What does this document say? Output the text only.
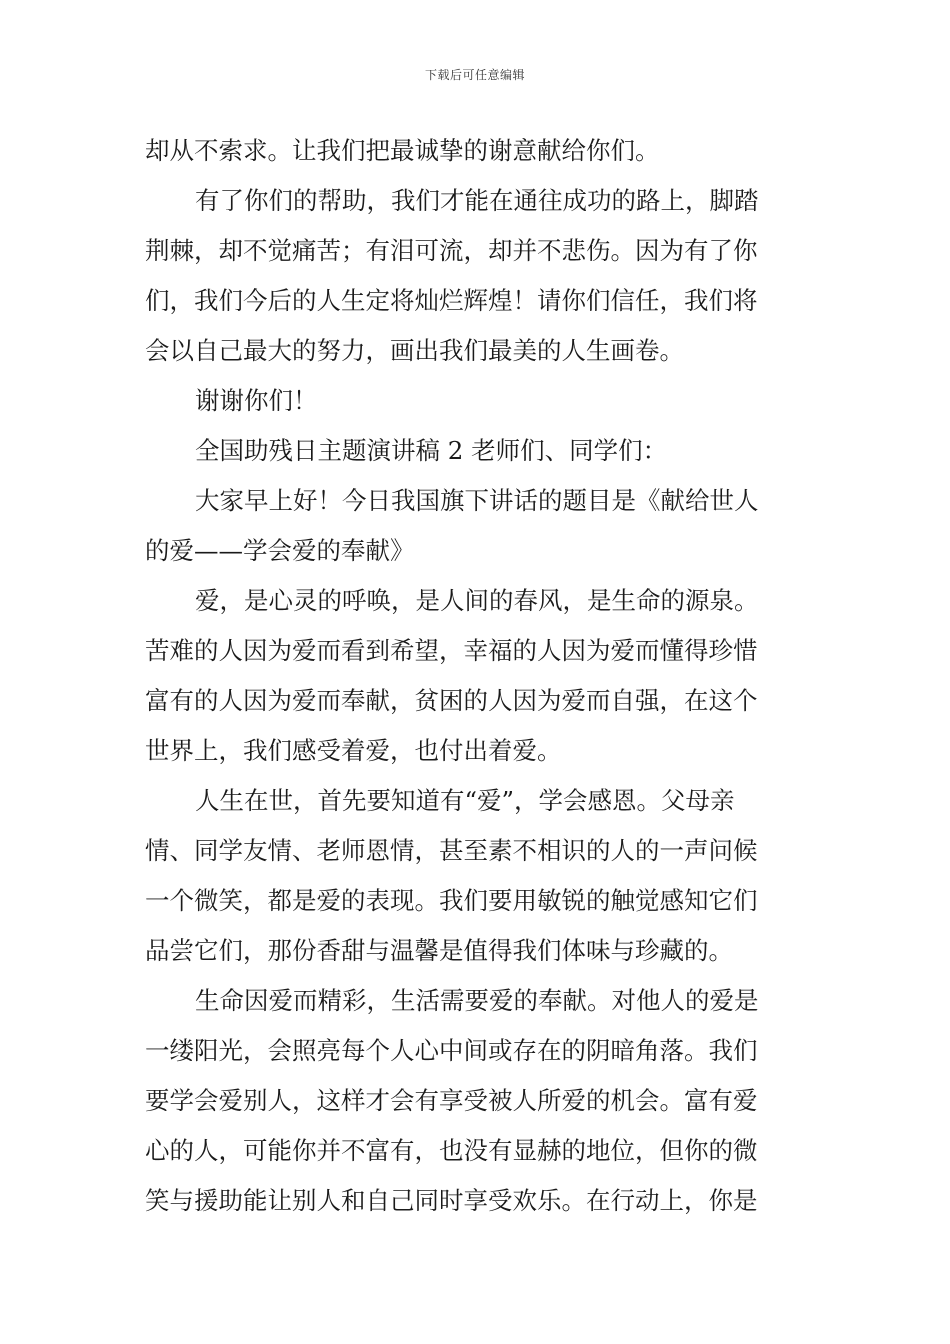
下载后可任意编辑
却从不索求。让我们把最诚挚的谢意献给你们。
有了你们的帮助，我们才能在通往成功的路上，脚踏
荆棘，却不觉痛苦；有泪可流，却并不悲伤。因为有了你
们，我们今后的人生定将灿烂辉煌！请你们信任，我们将
会以自己最大的努力，画出我们最美的人生画卷。
谢谢你们！
全国助残日主题演讲稿 2 老师们、同学们：
大家早上好！今日我国旗下讲话的题目是《献给世人
的爱——学会爱的奉献》
爱，是心灵的呼唤，是人间的春风，是生命的源泉。
苦难的人因为爱而看到希望，幸福的人因为爱而懂得珍惜
富有的人因为爱而奉献，贫困的人因为爱而自强，在这个
世界上，我们感受着爱，也付出着爱。
人生在世，首先要知道有“爱”，学会感恩。父母亲
情、同学友情、老师恩情，甚至素不相识的人的一声问候
一个微笑，都是爱的表现。我们要用敏锐的触觉感知它们
品尝它们，那份香甜与温馨是值得我们体味与珍藏的。
生命因爱而精彩，生活需要爱的奉献。对他人的爱是
一缕阳光，会照亮每个人心中间或存在的阴暗角落。我们
要学会爱别人，这样才会有享受被人所爱的机会。富有爱
心的人，可能你并不富有，也没有显赫的地位，但你的微
笑与援助能让别人和自己同时享受欢乐。在行动上，你是
